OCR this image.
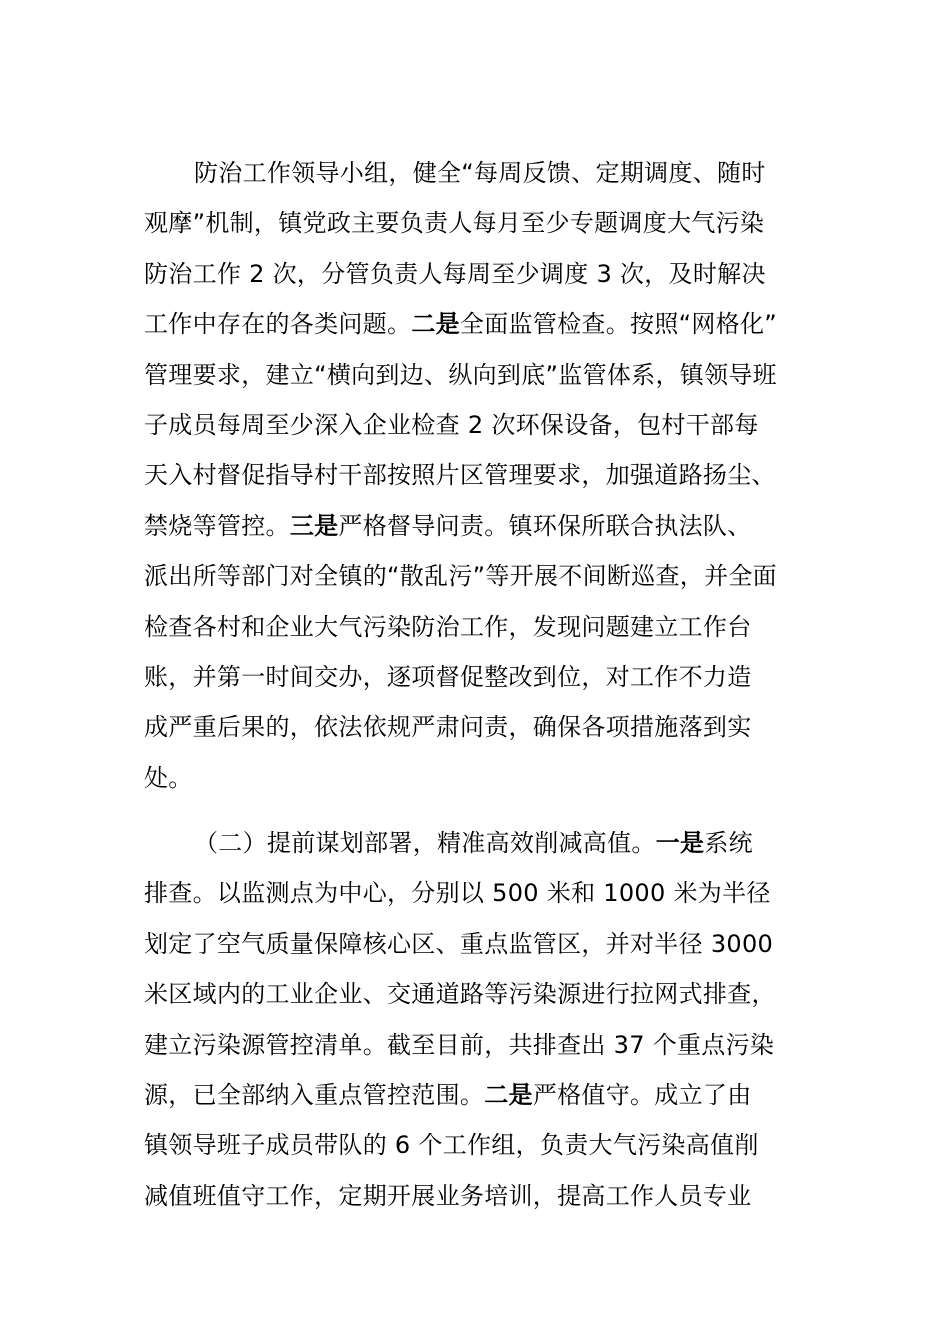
防治工作领导小组，健全“每周反馈、定期调度、随时
观摩”机制，镇党政主要负责人每月至少专题调度大气污染
防治工作 2 次，分管负责人每周至少调度 3 次，及时解决
工作中存在的各类问题。二是全面监管检查。按照“网格化”
管理要求，建立“横向到边、纵向到底”监管体系，镇领导班
子成员每周至少深入企业检查 2 次环保设备，包村干部每
天入村督促指导村干部按照片区管理要求，加强道路扬尘、
禁烧等管控。三是严格督导问责。镇环保所联合执法队、
派出所等部门对全镇的“散乱污”等开展不间断巡查，并全面
检查各村和企业大气污染防治工作，发现问题建立工作台
账，并第一时间交办，逐项督促整改到位，对工作不力造
成严重后果的，依法依规严肃问责，确保各项措施落到实
处。
（二）提前谋划部署，精准高效削减高值。一是系统
排查。以监测点为中心，分别以 500 米和 1000 米为半径
划定了空气质量保障核心区、重点监管区，并对半径 3000
米区域内的工业企业、交通道路等污染源进行拉网式排查，
建立污染源管控清单。截至目前，共排查出 37 个重点污染
源，已全部纳入重点管控范围。二是严格值守。成立了由
镇领导班子成员带队的 6 个工作组，负责大气污染高值削
减值班值守工作，定期开展业务培训，提高工作人员专业
